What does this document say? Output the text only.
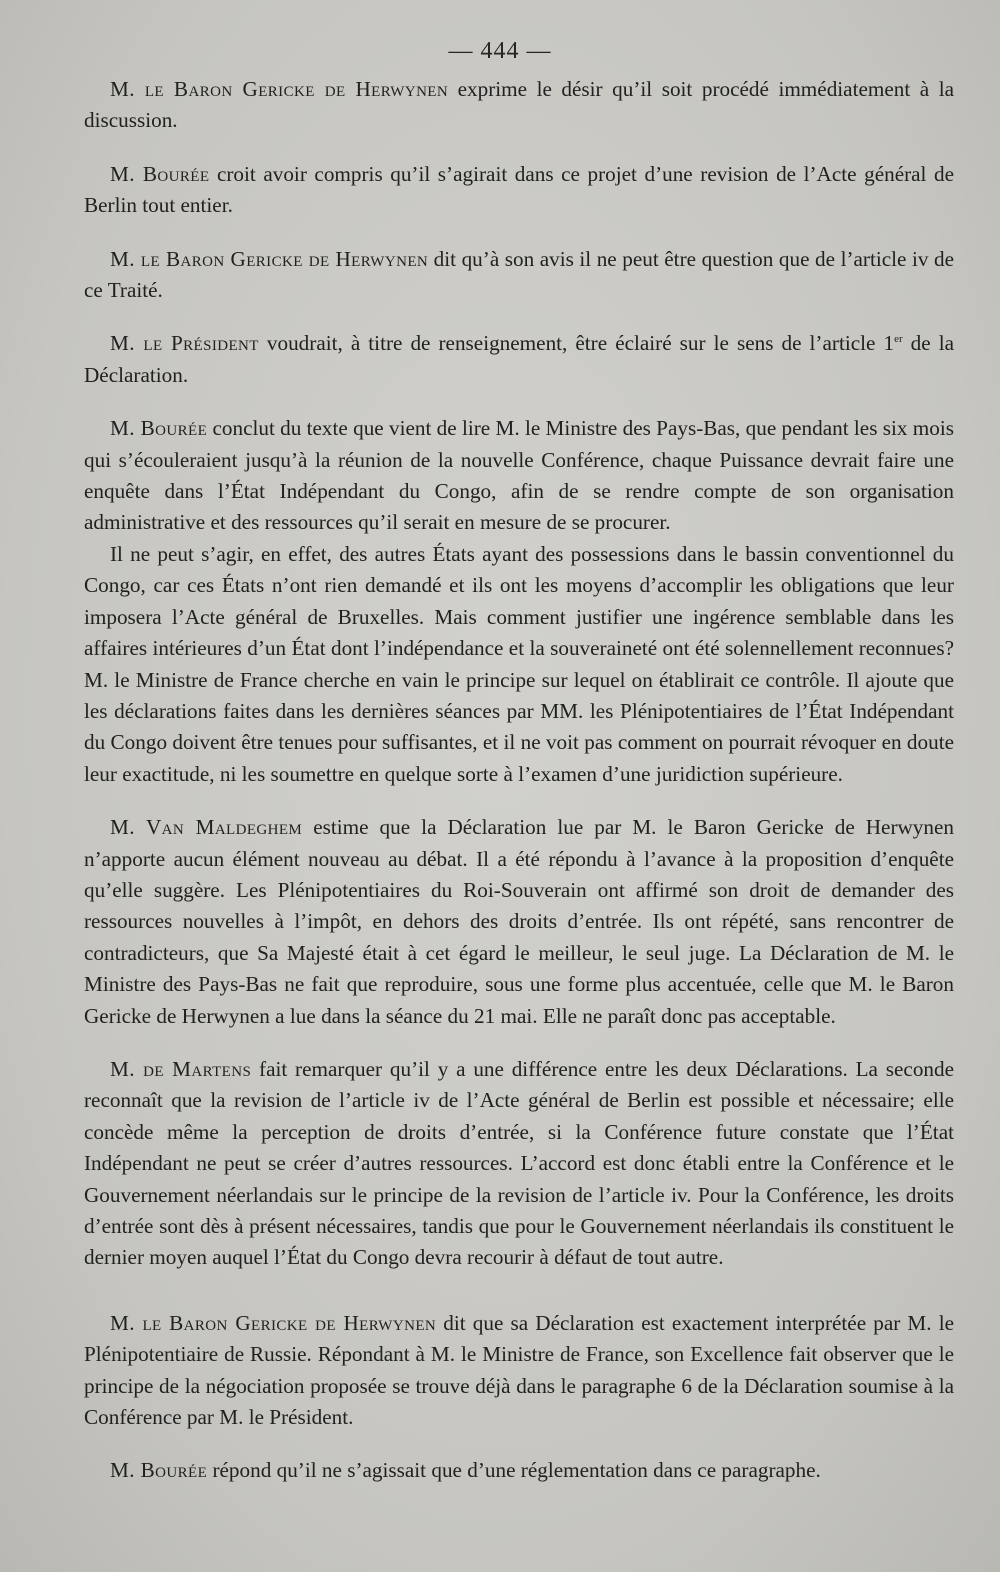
— 444 —

M. le Baron Gericke de Herwynen exprime le désir qu’il soit procédé immédiatement à la discussion.

M. Bourée croit avoir compris qu’il s’agirait dans ce projet d’une revision de l’Acte général de Berlin tout entier.

M. le Baron Gericke de Herwynen dit qu’à son avis il ne peut être question que de l’article iv de ce Traité.

M. le Président voudrait, à titre de renseignement, être éclairé sur le sens de l’article 1er de la Déclaration.

M. Bourée conclut du texte que vient de lire M. le Ministre des Pays-Bas, que pendant les six mois qui s’écouleraient jusqu’à la réunion de la nouvelle Conférence, chaque Puissance devrait faire une enquête dans l’État Indépendant du Congo, afin de se rendre compte de son organisation administrative et des ressources qu’il serait en mesure de se procurer.

Il ne peut s’agir, en effet, des autres États ayant des possessions dans le bassin conventionnel du Congo, car ces États n’ont rien demandé et ils ont les moyens d’accomplir les obligations que leur imposera l’Acte général de Bruxelles. Mais comment justifier une ingérence semblable dans les affaires intérieures d’un État dont l’indépendance et la souveraineté ont été solennellement reconnues? M. le Ministre de France cherche en vain le principe sur lequel on établirait ce contrôle. Il ajoute que les déclarations faites dans les dernières séances par MM. les Plénipotentiaires de l’État Indépendant du Congo doivent être tenues pour suffisantes, et il ne voit pas comment on pourrait révoquer en doute leur exactitude, ni les soumettre en quelque sorte à l’examen d’une juridiction supérieure.

M. Van Maldeghem estime que la Déclaration lue par M. le Baron Gericke de Herwynen n’apporte aucun élément nouveau au débat. Il a été répondu à l’avance à la proposition d’enquête qu’elle suggère. Les Plénipotentiaires du Roi-Souverain ont affirmé son droit de demander des ressources nouvelles à l’impôt, en dehors des droits d’entrée. Ils ont répété, sans rencontrer de contradicteurs, que Sa Majesté était à cet égard le meilleur, le seul juge. La Déclaration de M. le Ministre des Pays-Bas ne fait que reproduire, sous une forme plus accentuée, celle que M. le Baron Gericke de Herwynen a lue dans la séance du 21 mai. Elle ne paraît donc pas acceptable.

M. de Martens fait remarquer qu’il y a une différence entre les deux Déclarations. La seconde reconnaît que la revision de l’article iv de l’Acte général de Berlin est possible et nécessaire; elle concède même la perception de droits d’entrée, si la Conférence future constate que l’État Indépendant ne peut se créer d’autres ressources. L’accord est donc établi entre la Conférence et le Gouvernement néerlandais sur le principe de la revision de l’article iv. Pour la Conférence, les droits d’entrée sont dès à présent nécessaires, tandis que pour le Gouvernement néerlandais ils constituent le dernier moyen auquel l’État du Congo devra recourir à défaut de tout autre.

M. le Baron Gericke de Herwynen dit que sa Déclaration est exactement interprétée par M. le Plénipotentiaire de Russie. Répondant à M. le Ministre de France, son Excellence fait observer que le principe de la négociation proposée se trouve déjà dans le paragraphe 6 de la Déclaration soumise à la Conférence par M. le Président.

M. Bourée répond qu’il ne s’agissait que d’une réglementation dans ce paragraphe.
